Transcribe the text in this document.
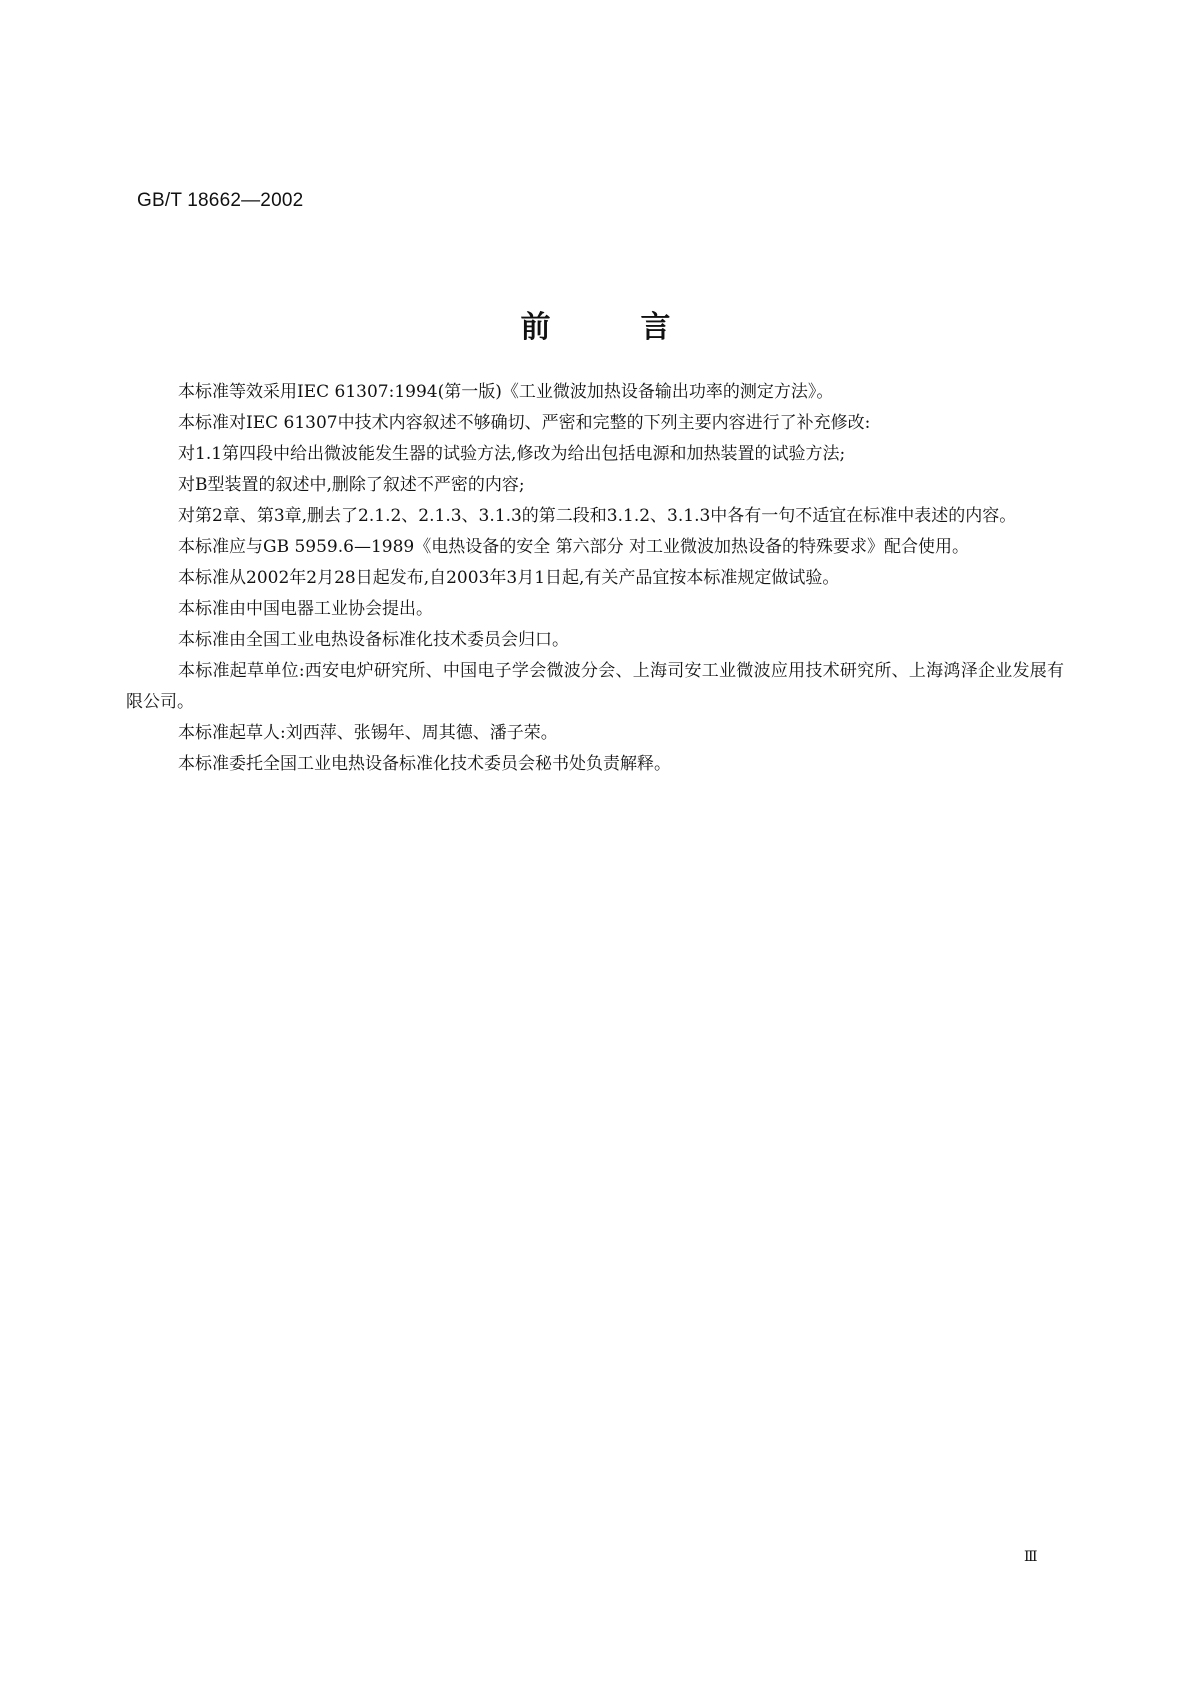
GB/T 18662—2002
前言

本标准等效采用IEC 61307:1994(第一版)《工业微波加热设备输出功率的测定方法》。

本标准对IEC 61307中技术内容叙述不够确切、严密和完整的下列主要内容进行了补充修改:

对1.1第四段中给出微波能发生器的试验方法,修改为给出包括电源和加热装置的试验方法;

对B型装置的叙述中,删除了叙述不严密的内容;

对第2章、第3章,删去了2.1.2、2.1.3、3.1.3的第二段和3.1.2、3.1.3中各有一句不适宜在标准中表述的内容。

本标准应与GB 5959.6—1989《电热设备的安全 第六部分 对工业微波加热设备的特殊要求》配合使用。

本标准从2002年2月28日起发布,自2003年3月1日起,有关产品宜按本标准规定做试验。

本标准由中国电器工业协会提出。

本标准由全国工业电热设备标准化技术委员会归口。

本标准起草单位:西安电炉研究所、中国电子学会微波分会、上海司安工业微波应用技术研究所、上海鸿泽企业发展有限公司。

本标准起草人:刘西萍、张锡年、周其德、潘子荣。

本标准委托全国工业电热设备标准化技术委员会秘书处负责解释。

Ⅲ
